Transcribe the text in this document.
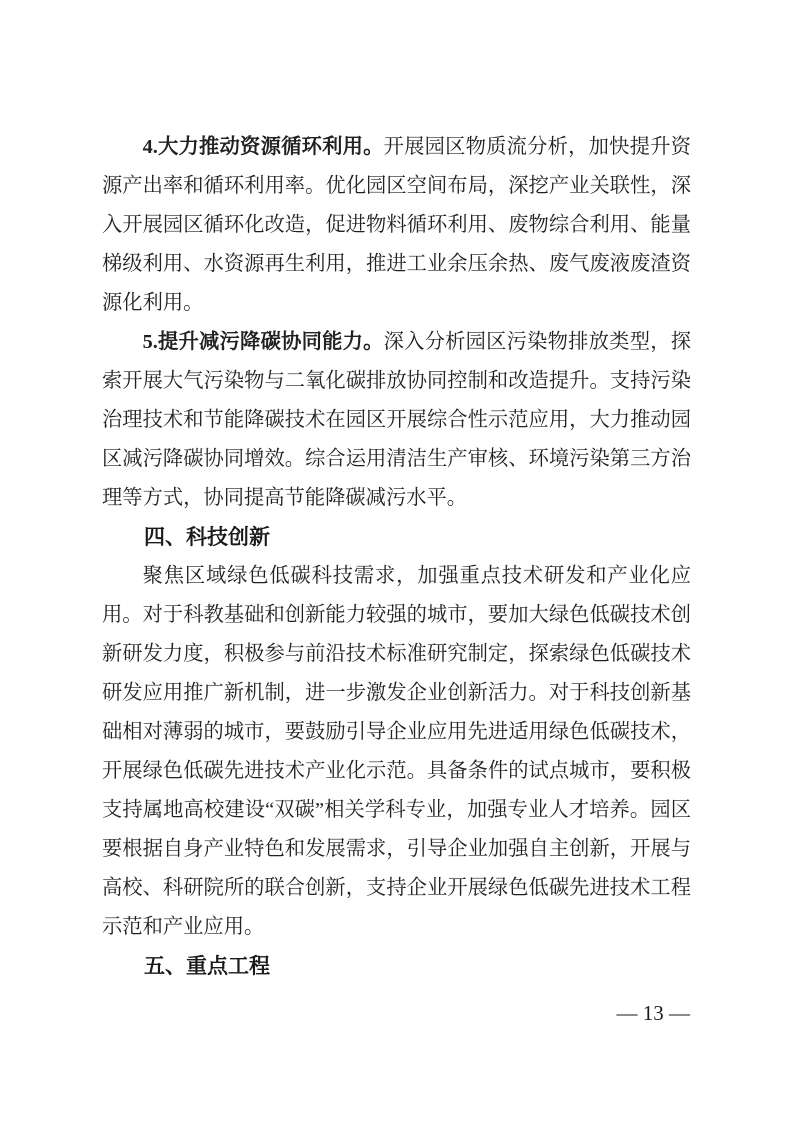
4.大力推动资源循环利用。开展园区物质流分析，加快提升资源产出率和循环利用率。优化园区空间布局，深挖产业关联性，深入开展园区循环化改造，促进物料循环利用、废物综合利用、能量梯级利用、水资源再生利用，推进工业余压余热、废气废液废渣资源化利用。

5.提升减污降碳协同能力。深入分析园区污染物排放类型，探索开展大气污染物与二氧化碳排放协同控制和改造提升。支持污染治理技术和节能降碳技术在园区开展综合性示范应用，大力推动园区减污降碳协同增效。综合运用清洁生产审核、环境污染第三方治理等方式，协同提高节能降碳减污水平。

四、科技创新

聚焦区域绿色低碳科技需求，加强重点技术研发和产业化应用。对于科教基础和创新能力较强的城市，要加大绿色低碳技术创新研发力度，积极参与前沿技术标准研究制定，探索绿色低碳技术研发应用推广新机制，进一步激发企业创新活力。对于科技创新基础相对薄弱的城市，要鼓励引导企业应用先进适用绿色低碳技术，开展绿色低碳先进技术产业化示范。具备条件的试点城市，要积极支持属地高校建设“双碳”相关学科专业，加强专业人才培养。园区要根据自身产业特色和发展需求，引导企业加强自主创新，开展与高校、科研院所的联合创新，支持企业开展绿色低碳先进技术工程示范和产业应用。

五、重点工程
— 13 —
